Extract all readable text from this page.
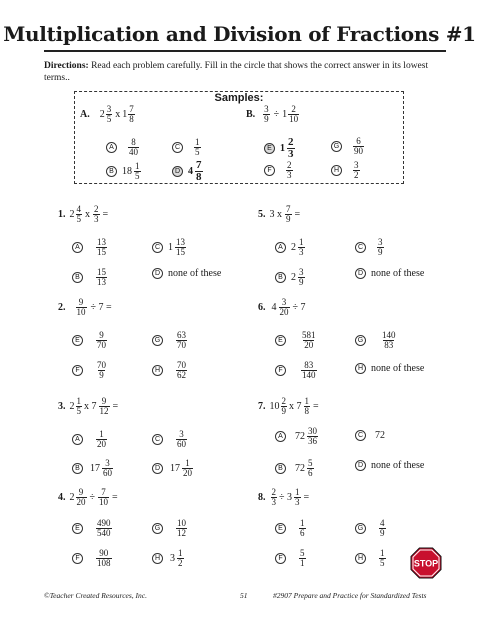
Multiplication and Division of Fractions #1
Directions: Read each problem carefully. Fill in the circle that shows the correct answer in its lowest terms..
Samples:
A. $2 \frac{3}{5}$ x $1 \frac{7}{8}$
A	$\frac{8}{40}$
B $18 \frac{1}{5}$
C	$\frac{1}{5}$
D $4 \frac{7}{8}$
B. $\frac{3}{9} \div 1 \frac{2}{10}$
E $1 \frac{2}{3}$
F	$\frac{2}{3}$
G	$\frac{6}{90}$
H	$\frac{3}{2}$
1. $2 \frac{4}{5}$ x $\frac{2}{3}$ =
A	$\frac{13}{15}$
B	$\frac{15}{13}$
C $1 \frac{13}{15}$
D none of these
5. 3 x $\frac{7}{9}$ =
A $2 \frac{1}{3}$
B $2 \frac{3}{9}$
C	$\frac{3}{9}$
D none of these
2. $\frac{9}{10} \div 7$ =
E	$\frac{9}{70}$
F	$\frac{70}{9}$
G	$\frac{63}{70}$
H	$\frac{70}{62}$
6. $4 \frac{3}{20} \div 7$
E	$\frac{581}{20}$
F	$\frac{83}{140}$
G	$\frac{140}{83}$
H none of these
3. $2 \frac{1}{5}$ x $7 \frac{9}{12}$ =
A	$\frac{1}{20}$
B	$17 \frac{3}{60}$
C	$\frac{3}{60}$
D $17 \frac{1}{20}$
7. $10 \frac{2}{9}$ x $7 \frac{1}{8}$ =
A	$72 \frac{30}{36}$
B	$72 \frac{5}{6}$
C 72
D none of these
4. $2 \frac{9}{20} \div \frac{7}{10}$ =
E	$\frac{490}{540}$
F	$\frac{90}{108}$
G	$\frac{10}{12}$
H $3 \frac{1}{2}$
8. $\frac{2}{3} \div 3 \frac{1}{3}$ =
E	$\frac{1}{6}$
F	$\frac{5}{1}$
G	$\frac{4}{9}$
H	$\frac{1}{5}$	STOP
©Teacher Created Resources, Inc.	51	#2907 Prepare and Practice for Standardized Tests
